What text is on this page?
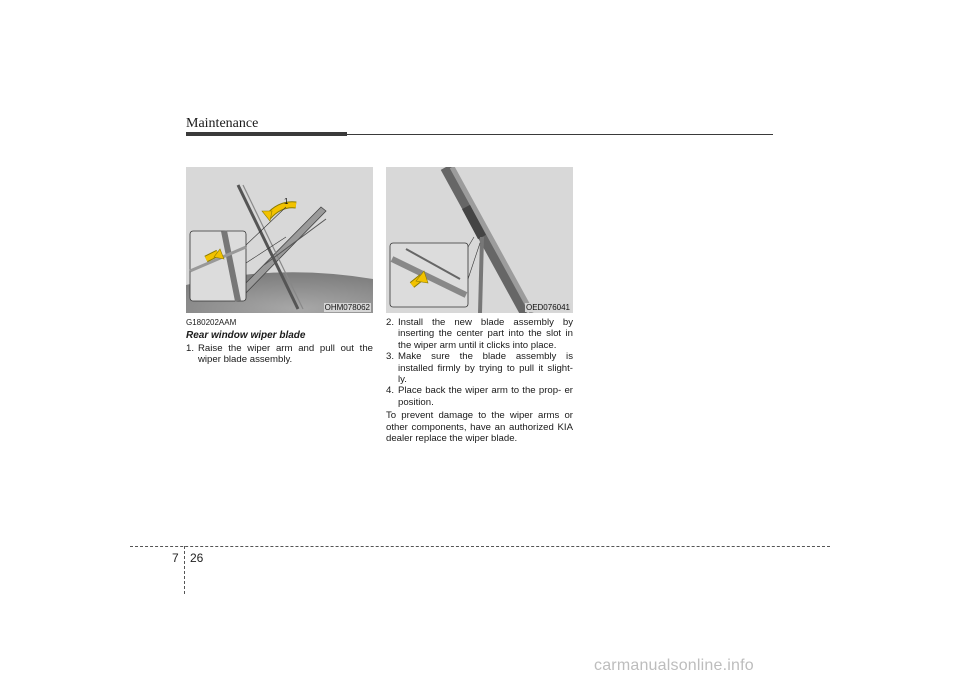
Maintenance
1
OHM078062	OED076041
G180202AAM
Rear window wiper blade
1. Raise the wiper arm and pull out the wiper blade assembly.
2. Install the new blade assembly by inserting the center part into the slot in the wiper arm until it clicks into place.
3. Make sure the blade assembly is installed firmly by trying to pull it slight- ly.
4. Place back the wiper arm to the prop- er position.
To prevent damage to the wiper arms or other components, have an authorized KIA dealer replace the wiper blade.
7 26
carmanualsonline.info
